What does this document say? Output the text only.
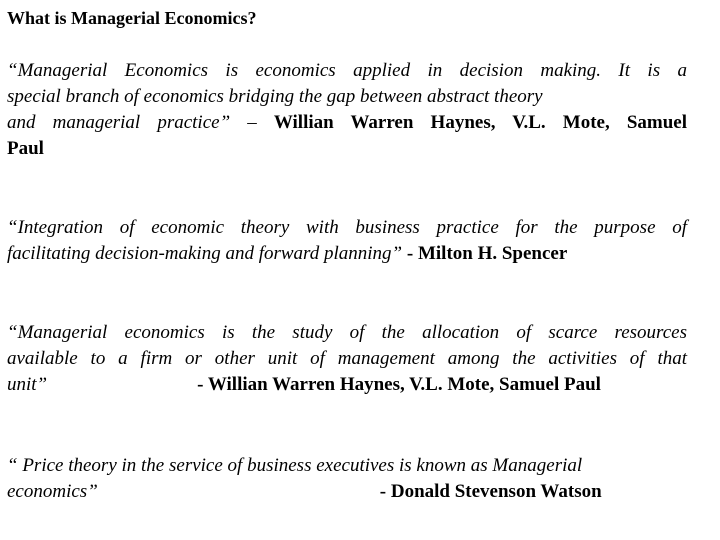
What is Managerial Economics?
“Managerial Economics is economics applied in decision making. It is a
special branch of economics bridging the gap between abstract theory
and managerial practice” – Willian Warren Haynes, V.L. Mote, Samuel
Paul
“Integration of economic theory with business practice for the purpose of
facilitating decision-making and forward planning” - Milton H. Spencer
“Managerial economics is the study of the allocation of scarce resources
available to a firm or other unit of management among the activities of that
unit”	- Willian Warren Haynes, V.L. Mote, Samuel Paul
“ Price theory in the service of business executives is known as Managerial
economics”	- Donald Stevenson Watson
